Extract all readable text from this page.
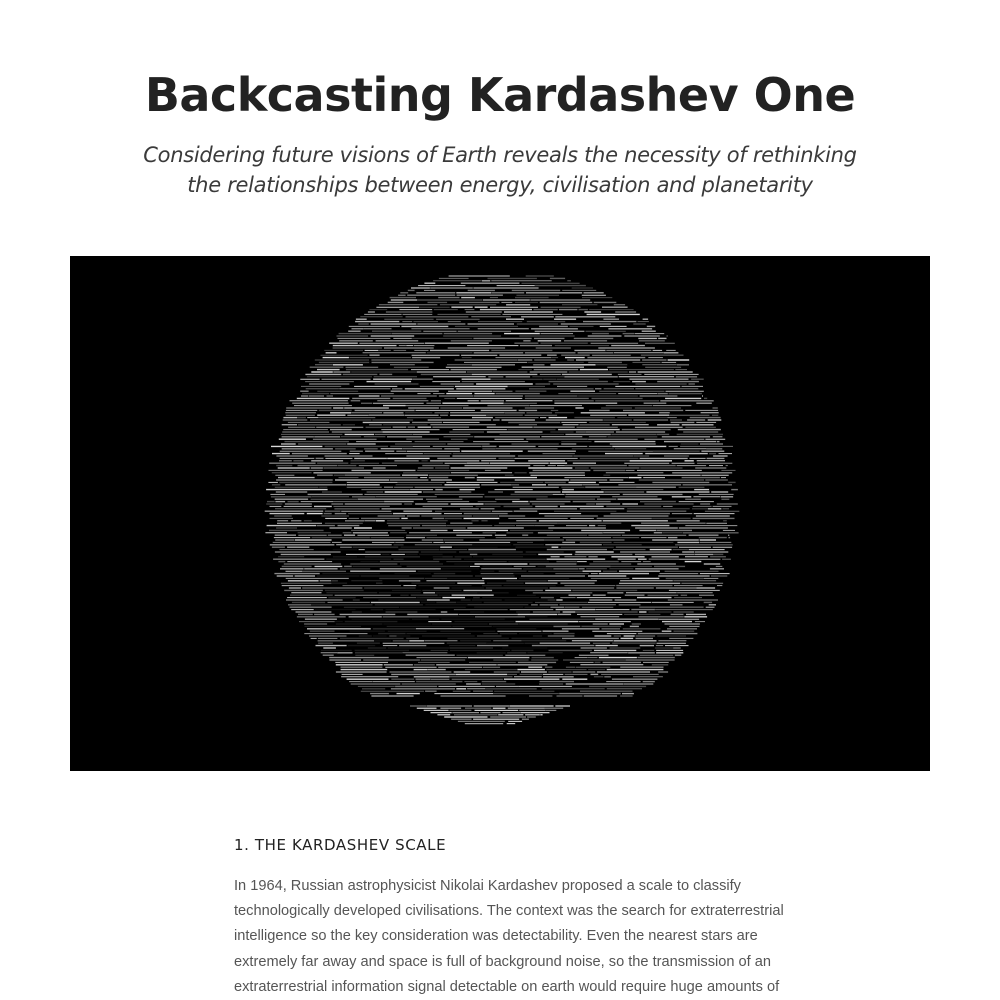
Backcasting Kardashev One
Considering future visions of Earth reveals the necessity of rethinking
the relationships between energy, civilisation and planetarity
1. THE KARDASHEV SCALE
In 1964, Russian astrophysicist Nikolai Kardashev proposed a scale to classify
technologically developed civilisations. The context was the search for extraterrestrial
intelligence so the key consideration was detectability. Even the nearest stars are
extremely far away and space is full of background noise, so the transmission of an
extraterrestrial information signal detectable on earth would require huge amounts of
